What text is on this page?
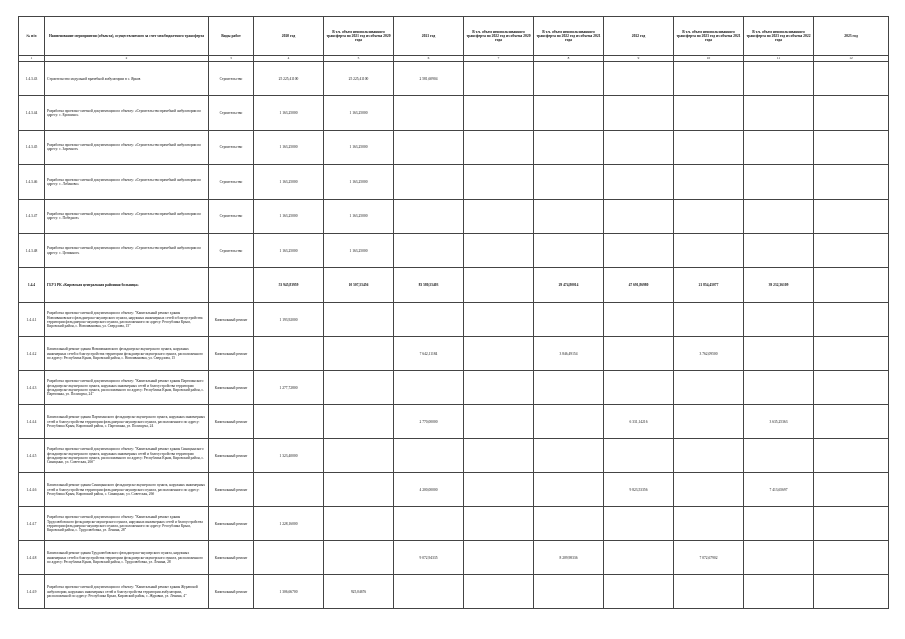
№ п/п	Наименование мероприятия (объекта), осуществляемого за счет межбюджетного трансферта	Виды работ	2020 год	В т.ч. объем неиспользованного трансферта по 2021 год из объема 2020 года	2021 год	В т.ч. объем неиспользованного трансферта по 2022 год из объема 2020 года	В т.ч. объем неиспользованного трансферта по 2022 год из объема 2021 года	2022 год	В т.ч. объем неиспользованного трансферта по 2023 год из объема 2021 года	В т.ч. объем неиспользованного трансферта по 2023 год из объема 2022 года	2023 год
1	2	3	4	5	6	7	8	9	10	11	12
1.4.3.43	Строительство модульной врачебной амбулатории в с. Ярков	Строительство	25 225,41100	25 225,41100	2 581,60904						
1.4.3.44	Разработка проектно-сметной документации по объекту: «Строительство врачебной амбулатории по адресу: с. Ерошино»	Строительство	1 163,25000	1 163,25000							
1.4.3.45	Разработка проектно-сметной документации по объекту: «Строительство врачебной амбулатории по адресу: с. Зарочное»	Строительство	1 163,25000	1 163,25000							
1.4.3.46	Разработка проектно-сметной документации по объекту: «Строительство врачебной амбулатории по адресу: с. Лобаново»	Строительство	1 163,25000	1 163,25000							
1.4.3.47	Разработка проектно-сметной документации по объекту: «Строительство врачебной амбулатории по адресу: с. Победное»	Строительство	1 163,25000	1 163,25000							
1.4.3.48	Разработка проектно-сметной документации по объекту: «Строительство врачебной амбулатории по адресу: с. Целинное»	Строительство	1 163,25000	1 163,25000							
1.4.4	ГБУЗ РК «Кировская центральная районная больница»		53 945,83959	10 507,55456	83 580,55403		29 474,80014	47 691,86980	21 854,45077	39 232,36109	
1.4.4.1	Разработка проектно-сметной документации по объекту: "Капитальный ремонт здания Новоивановского фельдшерско-акушерского пункта, наружных инженерных сетей и благоустройства территории фельдшерско-акушерского пункта, расположенного по адресу: Республика Крым, Кировский район, с. Новоивановка, ул. Свердлова, 15"	Капитальный ремонт	1 193,92000								
1.4.4.2	Капитальный ремонт здания Новоивановского фельдшерско-акушерского пункта, наружных инженерных сетей и благоустройства территории фельдшерско-акушерского пункта, расположенного по адресу: Республика Крым, Кировский район, с. Новоивановка, ул. Свердлова, 15	Капитальный ремонт			7 642,11184		3 846,49154		3 762,09500		
1.4.4.3	Разработка проектно-сметной документации по объекту: "Капитальный ремонт здания Партизанского фельдшерско-акушерского пункта, наружных инженерных сетей и благоустройства территории фельдшерско-акушерского пункта, расположенного по адресу: Республика Крым, Кировский район, с. Партизаны, ул. Полищука, 24"	Капитальный ремонт	1 277,72800								
1.4.4.4	Капитальный ремонт здания Партизанского фельдшерско-акушерского пункта, наружных инженерных сетей и благоустройства территории фельдшерско-акушерского пункта, расположенного по адресу: Республика Крым, Кировский район, с. Партизаны, ул. Полищука, 24	Капитальный ремонт			2 770,00000			6 331,14216		3 635,25363	
1.4.4.5	Разработка проектно-сметной документации по объекту: "Капитальный ремонт здания Синицынского фельдшерско-акушерского пункта, наружных инженерных сетей и благоустройства территории фельдшерско-акушерского пункта, расположенного по адресу: Республика Крым, Кировский район, с. Синицыно, ул. Советская, 26б"	Капитальный ремонт	1 323,40000								
1.4.4.6	Капитальный ремонт здания Синицынского фельдшерско-акушерского пункта, наружных инженерных сетей и благоустройства территории фельдшерско-акушерского пункта, расположенного по адресу: Республика Крым, Кировский район, с. Синицыно, ул. Советская, 26б	Капитальный ремонт			4 200,00000			9 823,53356		7 413,65697	
1.4.4.7	Разработка проектно-сметной документации по объекту: "Капитальный ремонт здания Трудолюбовского фельдшерско-акушерского пункта, наружных инженерных сетей и благоустройства территории фельдшерско-акушерского пункта, расположенного по адресу: Республика Крым, Кировский район, с. Трудолюбовка, ул. Ленина, 28"	Капитальный ремонт	1 228,16000								
1.4.4.8	Капитальный ремонт здания Трудолюбовского фельдшерско-акушерского пункта, наружных инженерных сетей и благоустройства территории фельдшерско-акушерского пункта, расположенного по адресу: Республика Крым, Кировский район, с. Трудолюбовка, ул. Ленина, 28	Капитальный ремонт			9 072,94335		8 209,98336		7 072,67902		
1.4.4.9	Разработка проектно-сметной документации по объекту: "Капитальный ремонт здания Журавской амбулатории, наружных инженерных сетей и благоустройства территории амбулатории, расположенной по адресу: Республика Крым, Кировский район, с. Журавки, ул. Ленина, 4"	Капитальный ремонт	1 306,66700	925,04676							
